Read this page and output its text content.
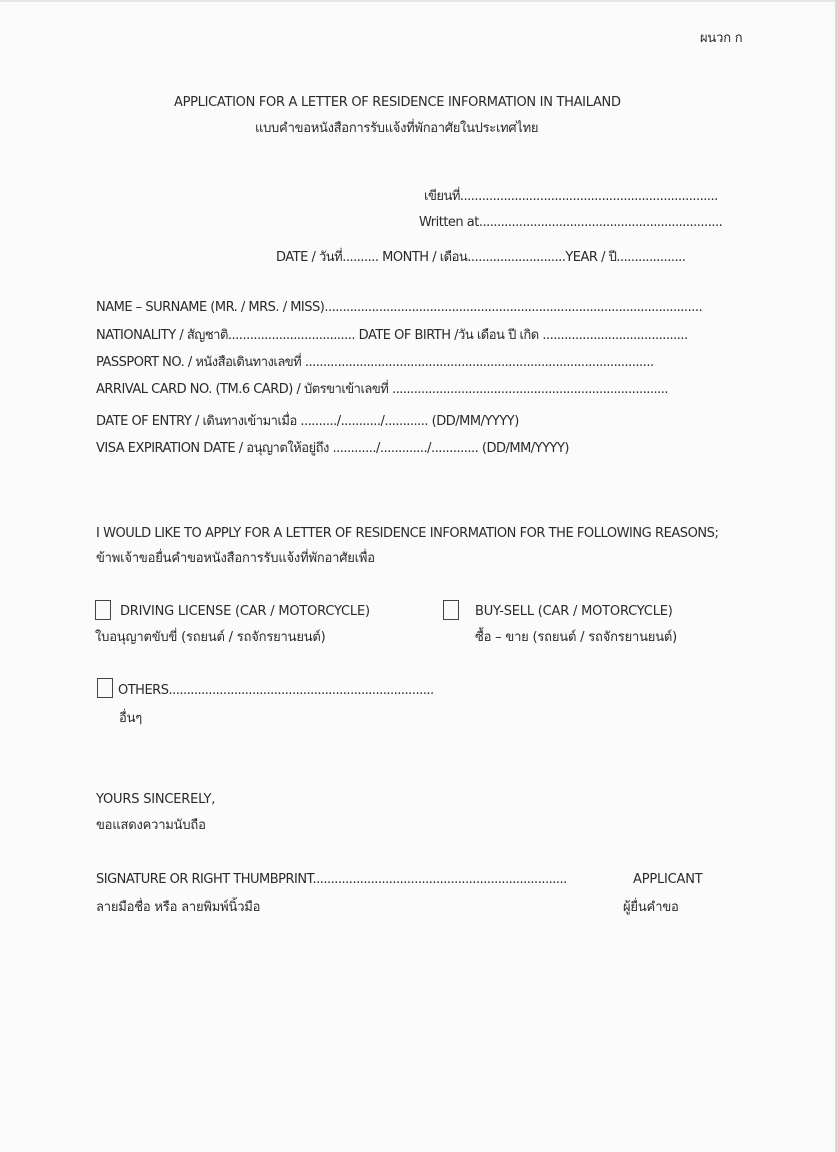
ผนวก ก
APPLICATION FOR A LETTER OF RESIDENCE INFORMATION IN THAILAND
แบบคำขอหนังสือการรับแจ้งที่พักอาศัยในประเทศไทย
เขียนที่.......................................................................
Written at...................................................................
DATE / วันที่.......... MONTH / เดือน...........................YEAR / ปี...................
NAME – SURNAME (MR. / MRS. / MISS)........................................................................................................
NATIONALITY / สัญชาติ................................... DATE OF BIRTH /วัน เดือน ปี เกิด ........................................
PASSPORT NO. / หนังสือเดินทางเลขที่ ................................................................................................
ARRIVAL CARD NO. (TM.6 CARD) / บัตรขาเข้าเลขที่ ............................................................................
DATE OF ENTRY / เดินทางเข้ามาเมื่อ ........../.........../............ (DD/MM/YYYY)
VISA EXPIRATION DATE / อนุญาตให้อยู่ถึง ............/............./............. (DD/MM/YYYY)
I WOULD LIKE TO APPLY FOR A LETTER OF RESIDENCE INFORMATION FOR THE FOLLOWING REASONS;
ข้าพเจ้าขอยื่นคำขอหนังสือการรับแจ้งที่พักอาศัยเพื่อ
DRIVING LICENSE (CAR / MOTORCYCLE)
ใบอนุญาตขับขี่ (รถยนต์ / รถจักรยานยนต์)
BUY-SELL (CAR / MOTORCYCLE)
ซื้อ – ขาย (รถยนต์ / รถจักรยานยนต์)
OTHERS.........................................................................
อื่นๆ
YOURS SINCERELY,
ขอแสดงความนับถือ
SIGNATURE OR RIGHT THUMBPRINT......................................................................	APPLICANT
ลายมือชื่อ หรือ ลายพิมพ์นิ้วมือ	ผู้ยื่นคำขอ
